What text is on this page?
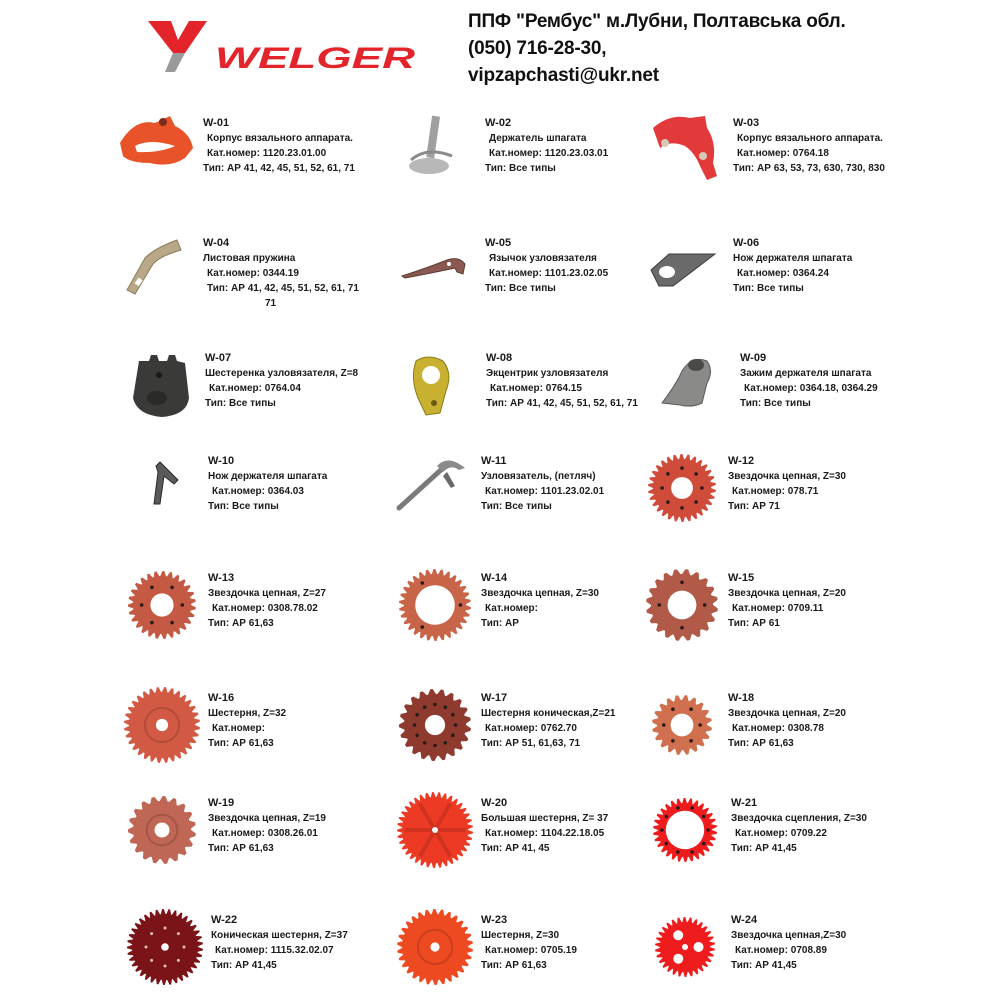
WELGER
ППФ "Рембус" м.Лубни, Полтавська обл.
(050) 716-28-30,
vipzapchasti@ukr.net
W-01
Корпус вязального аппарата.
Кат.номер: 1120.23.01.00
Тип: АР 41, 42, 45, 51, 52, 61, 71
W-02
Держатель шпагата
Кат.номер: 1120.23.03.01
Тип: Все типы
W-03
Корпус вязального аппарата.
Кат.номер: 0764.18
Тип: АР 63, 53, 73, 630, 730, 830
W-04
Листовая пружина
Кат.номер: 0344.19
Тип: АР 41, 42, 45, 51, 52, 61, 71
71
W-05
Язычок узловязателя
Кат.номер: 1101.23.02.05
Тип: Все типы
W-06
Нож держателя шпагата
Кат.номер: 0364.24
Тип: Все типы
W-07
Шестеренка узловязателя, Z=8
Кат.номер: 0764.04
Тип: Все типы
W-08
Экцентрик узловязателя
Кат.номер: 0764.15
Тип: АР 41, 42, 45, 51, 52, 61, 71
W-09
Зажим держателя шпагата
Кат.номер: 0364.18, 0364.29
Тип: Все типы
W-10
Нож держателя шпагата
Кат.номер: 0364.03
Тип: Все типы
W-11
Узловязатель, (петляч)
Кат.номер: 1101.23.02.01
Тип: Все типы
W-12
Звездочка цепная, Z=30
Кат.номер: 078.71
Тип: АР 71
W-13
Звездочка цепная, Z=27
Кат.номер: 0308.78.02
Тип: АР 61,63
W-14
Звездочка цепная, Z=30
Кат.номер:
Тип: АР
W-15
Звездочка цепная, Z=20
Кат.номер: 0709.11
Тип: АР 61
W-16
Шестерня, Z=32
Кат.номер:
Тип: АР 61,63
W-17
Шестерня коническая,Z=21
Кат.номер: 0762.70
Тип: АР 51, 61,63, 71
W-18
Звездочка цепная, Z=20
Кат.номер: 0308.78
Тип: АР 61,63
W-19
Звездочка цепная, Z=19
Кат.номер: 0308.26.01
Тип: АР 61,63
W-20
Большая шестерня, Z= 37
Кат.номер: 1104.22.18.05
Тип: АР 41, 45
W-21
Звездочка сцепления, Z=30
Кат.номер: 0709.22
Тип: АР 41,45
W-22
Коническая шестерня, Z=37
Кат.номер: 1115.32.02.07
Тип: АР 41,45
W-23
Шестерня, Z=30
Кат.номер: 0705.19
Тип: АР 61,63
W-24
Звездочка цепная,Z=30
Кат.номер: 0708.89
Тип: АР 41,45
